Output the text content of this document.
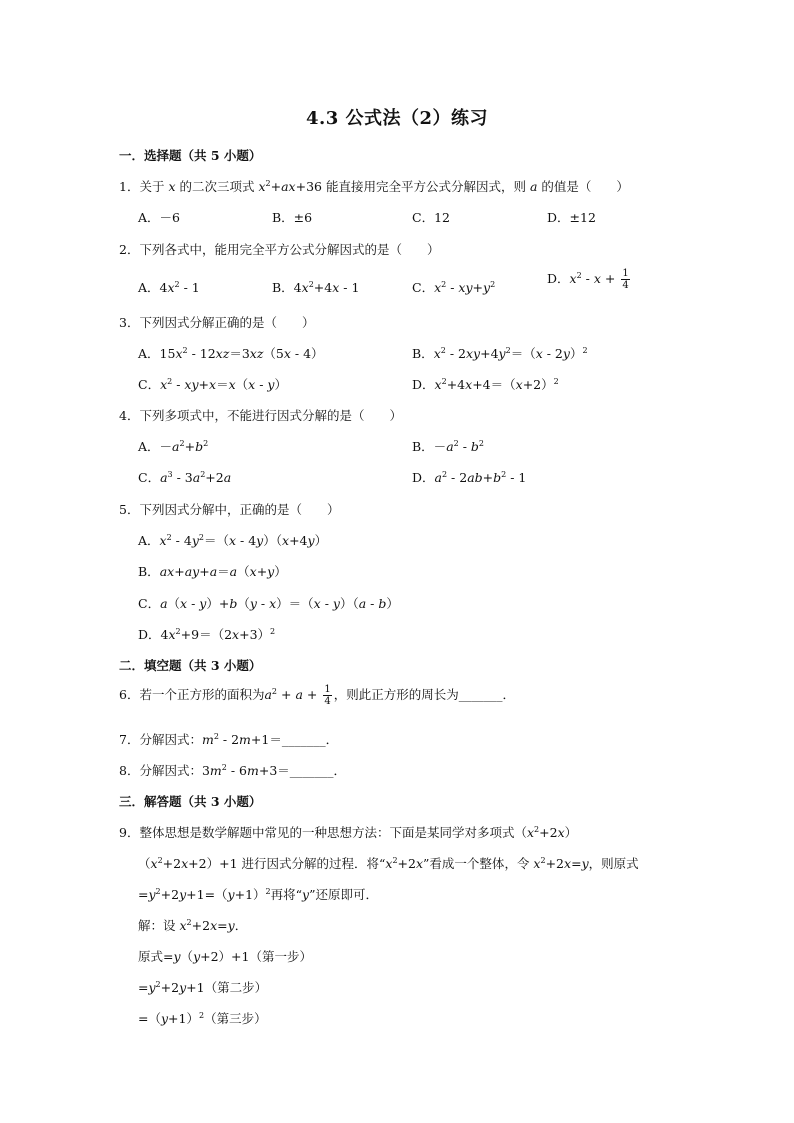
4.3 公式法（2）练习
一．选择题（共 5 小题）
1．关于 x 的二次三项式 $x^2+ax+36$ 能直接用完全平方公式分解因式，则 a 的值是（　　）
A．－6	B．±6	C．12	D．±12
2．下列各式中，能用完全平方公式分解因式的是（　　）
A．$4x^2 - 1$	B．$4x^2+4x - 1$	C．$x^2 - xy+y^2$	D．$x^2 - x + \frac{1}{4}$
3．下列因式分解正确的是（　　）
A．$15x^2 - 12xz=3xz(5x - 4)$	B．$x^2 - 2xy+4y^2=(x - 2y)^2$
C．$x^2 - xy+x=x(x - y)$	D．$x^2+4x+4=(x+2)^2$
4．下列多项式中，不能进行因式分解的是（　　）
A．$-a^2+b^2$	B．$-a^2 - b^2$
C．$a^3 - 3a^2+2a$	D．$a^2 - 2ab+b^2 - 1$
5．下列因式分解中，正确的是（　　）
A．$x^2 - 4y^2=(x - 4y)(x+4y)$
B．ax+ay+a＝a（x+y）
C．a（x - y）+b（y - x）＝（x - y）（a - b）
D．$4x^2+9=(2x+3)^2$
二．填空题（共 3 小题）
6．若一个正方形的面积为$a^2 + a + \frac{1}{4}$ ，则此正方形的周长为_______．
7．分解因式：$m^2$ - 2m+1＝_______．
8．分解因式：$3m^2$ - 6m+3＝_______．
三．解答题（共 3 小题）
9．整体思想是数学解题中常见的一种思想方法：下面是某同学对多项式$(x^2+2x)$
$(x^2+2x+2)+1$ 进行因式分解的过程．将“$x^2+2x$”看成一个整体，令 $x^2+2x=y$，则原式
$=y^2+2y+1=(y+1)^2$再将“y”还原即可．
解：设 $x^2+2x=y$．
原式=y（y+2）+1（第一步）
$=y^2+2y+1$（第二步）
$=(y+1)^2$（第三步）
